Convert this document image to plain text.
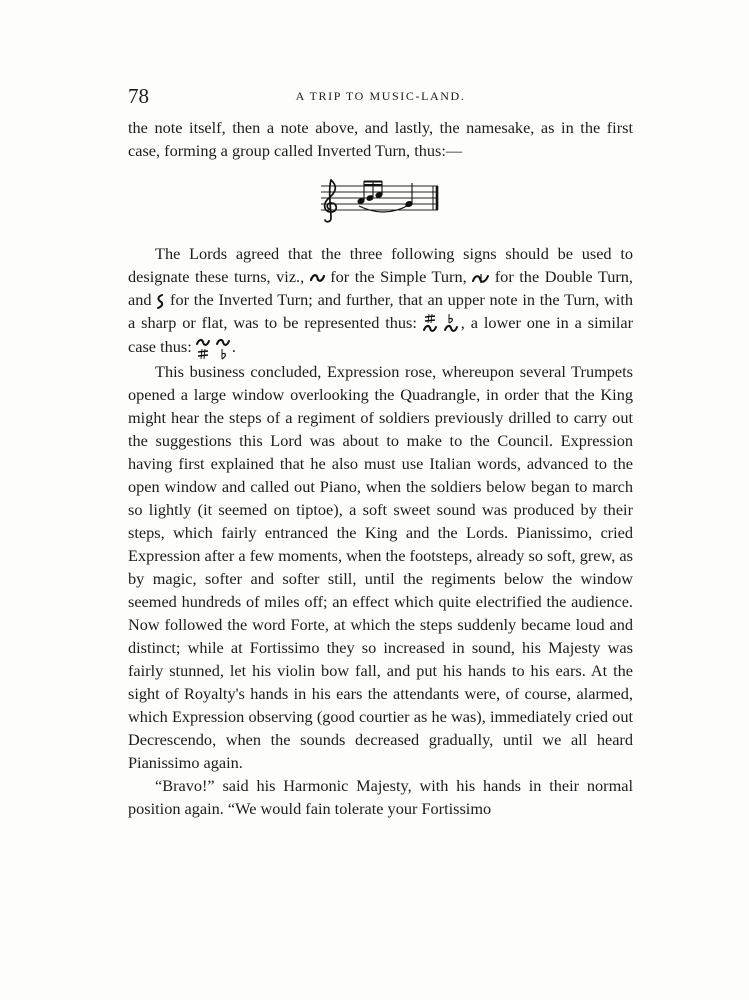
78	A TRIP TO MUSIC-LAND.

the note itself, then a note above, and lastly, the namesake, as in the first case, forming a group called Inverted Turn, thus:—

The Lords agreed that the three following signs should be used to designate these turns, viz.,  for the Simple Turn,  for the Double Turn, and  for the Inverted Turn; and further, that an upper note in the Turn, with a sharp or flat, was to be represented thus: , a lower one in a similar case thus: .

This business concluded, Expression rose, whereupon several Trumpets opened a large window overlooking the Quadrangle, in order that the King might hear the steps of a regiment of soldiers previously drilled to carry out the suggestions this Lord was about to make to the Council. Expression having first explained that he also must use Italian words, advanced to the open window and called out Piano, when the soldiers below began to march so lightly (it seemed on tiptoe), a soft sweet sound was produced by their steps, which fairly entranced the King and the Lords. Pianissimo, cried Expression after a few moments, when the footsteps, already so soft, grew, as by magic, softer and softer still, until the regiments below the window seemed hundreds of miles off; an effect which quite electrified the audience. Now followed the word Forte, at which the steps suddenly became loud and distinct; while at Fortissimo they so increased in sound, his Majesty was fairly stunned, let his violin bow fall, and put his hands to his ears. At the sight of Royalty's hands in his ears the attendants were, of course, alarmed, which Expression observing (good courtier as he was), immediately cried out Decrescendo, when the sounds decreased gradually, until we all heard Pianissimo again.

“Bravo!” said his Harmonic Majesty, with his hands in their normal position again. “We would fain tolerate your Fortissimo
